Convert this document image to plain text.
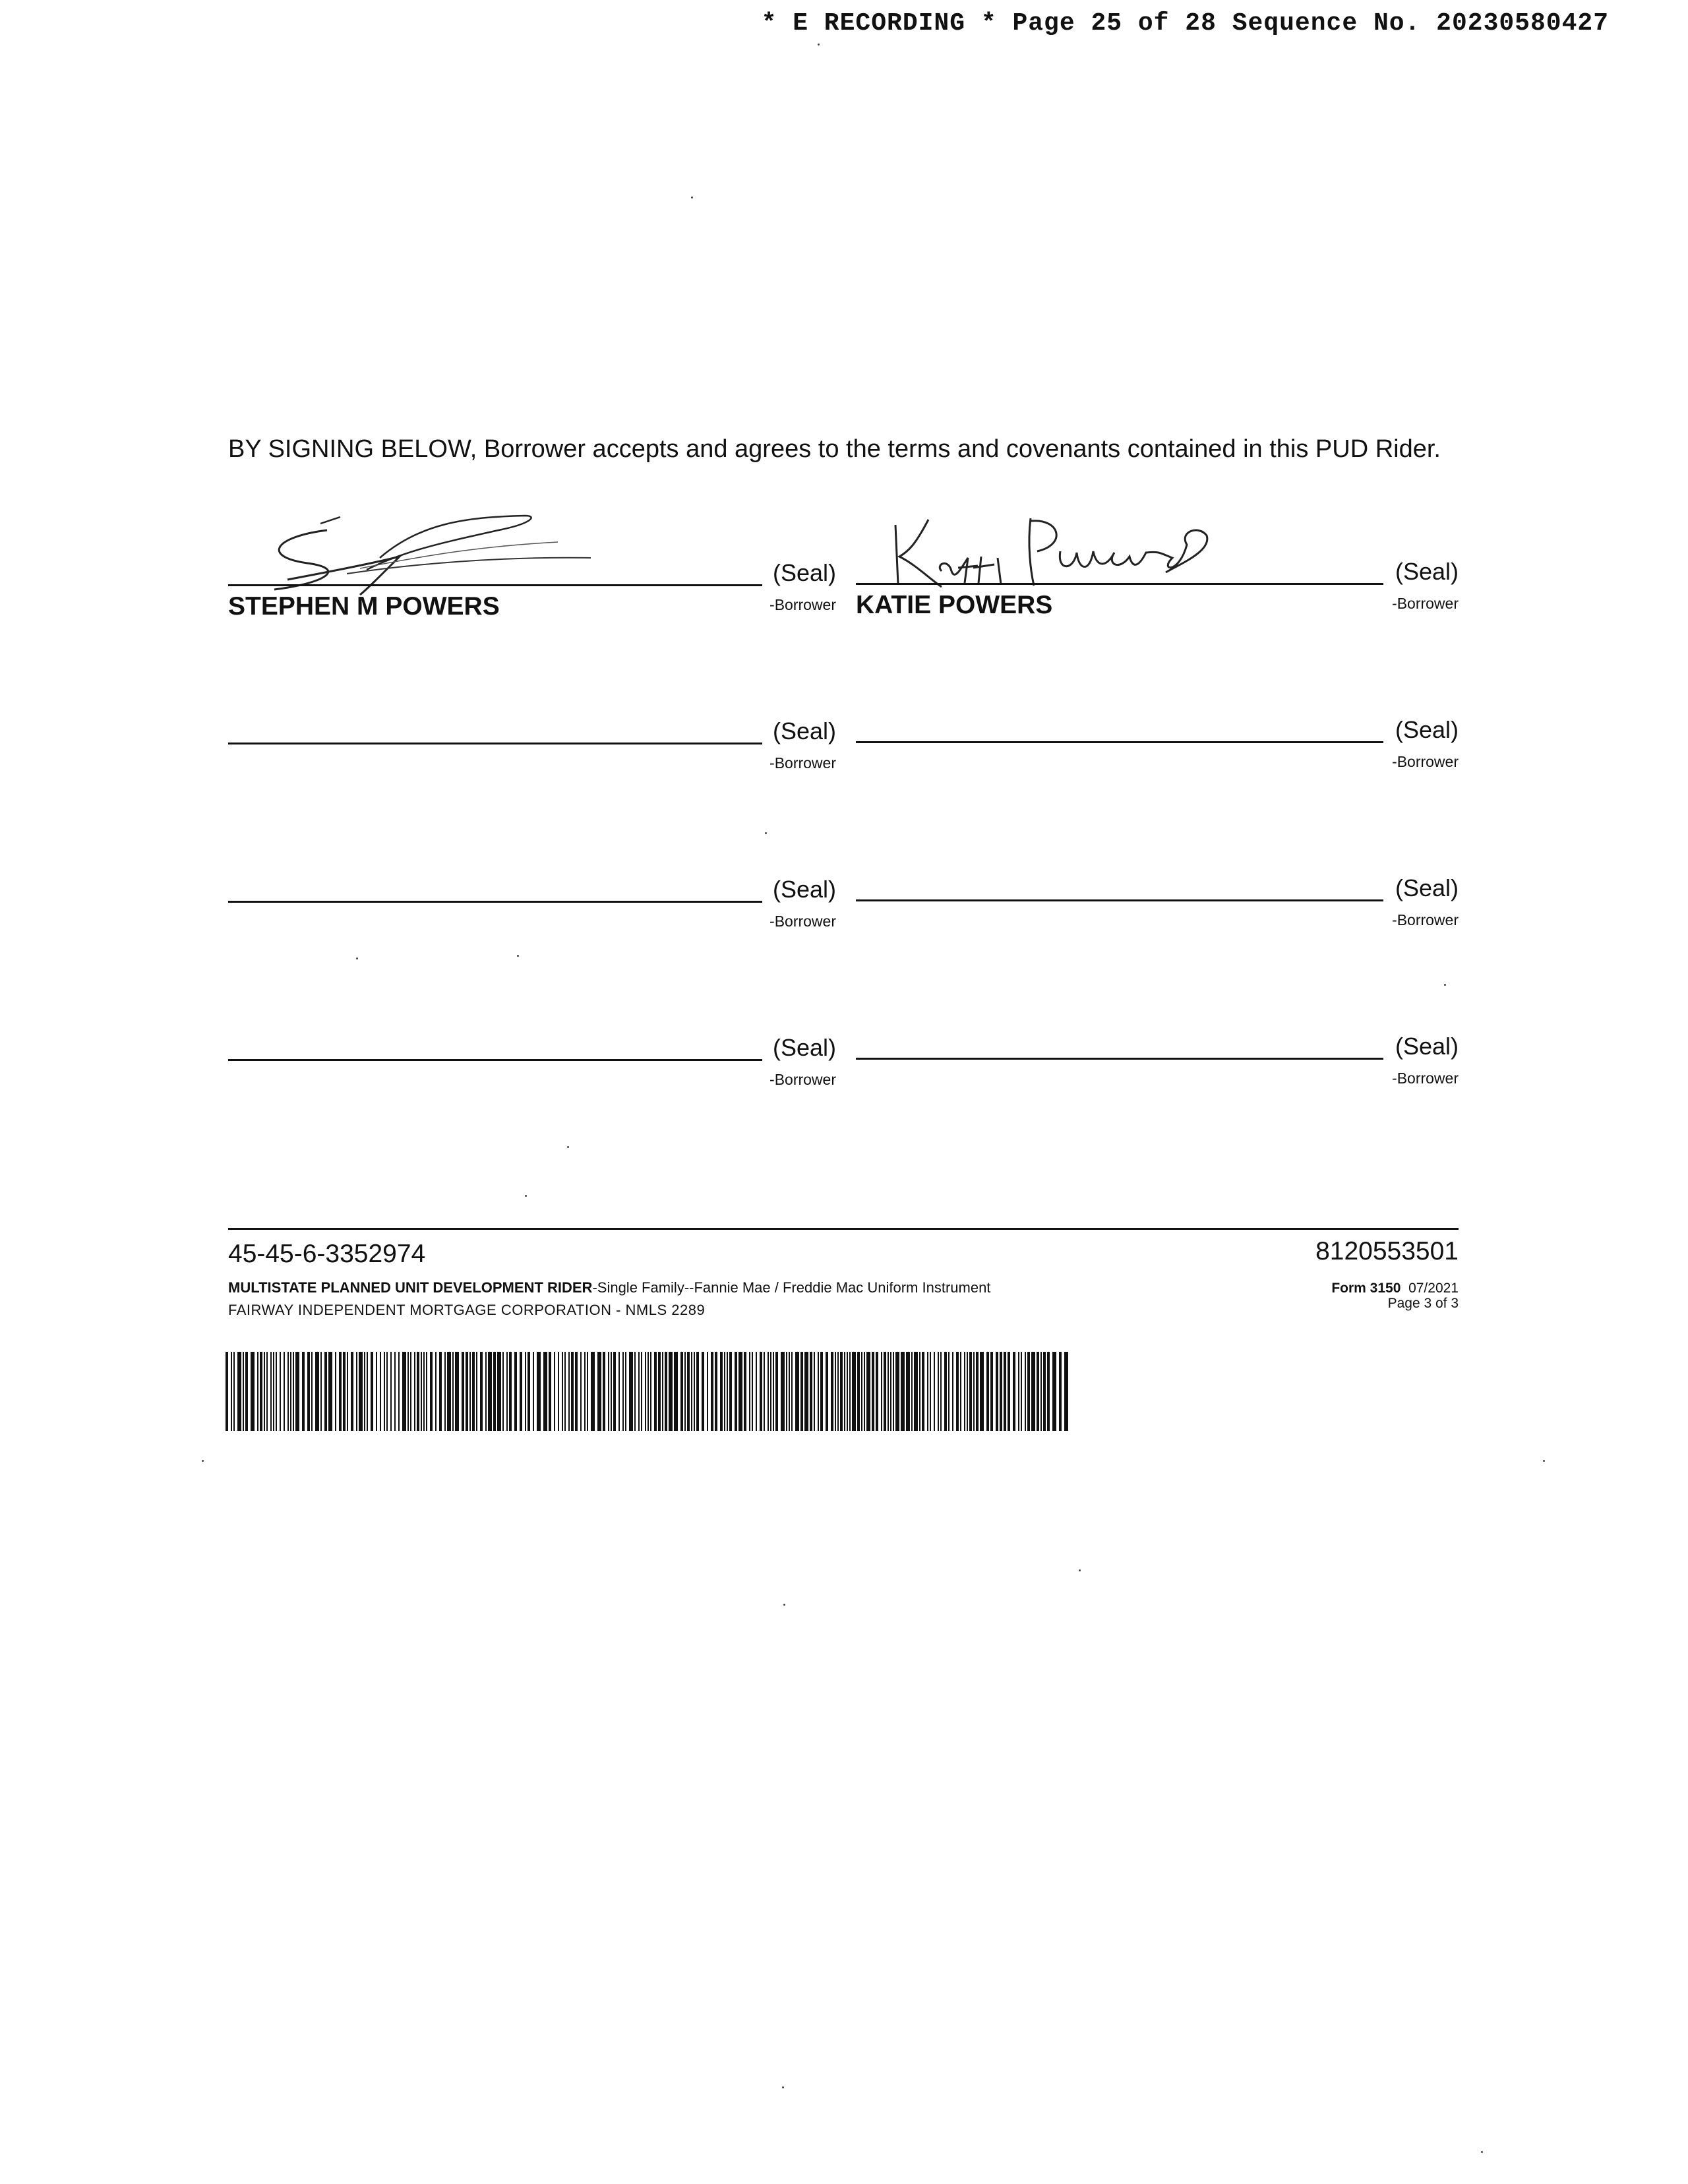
* E RECORDING * Page 25 of 28 Sequence No. 20230580427
BY SIGNING BELOW, Borrower accepts and agrees to the terms and covenants contained in this PUD Rider.
STEPHEN M POWERS
(Seal)
-Borrower KATIE POWERS
(Seal)
-Borrower
(Seal)
-Borrower
(Seal)
-Borrower
(Seal)
-Borrower
(Seal)
-Borrower
(Seal)
-Borrower
(Seal)
-Borrower
45-45-6-3352974	8120553501
MULTISTATE PLANNED UNIT DEVELOPMENT RIDER-Single Family--Fannie Mae / Freddie Mac Uniform Instrument
FAIRWAY INDEPENDENT MORTGAGE CORPORATION - NMLS 2289
Form 3150 07/2021
Page 3 of 3
